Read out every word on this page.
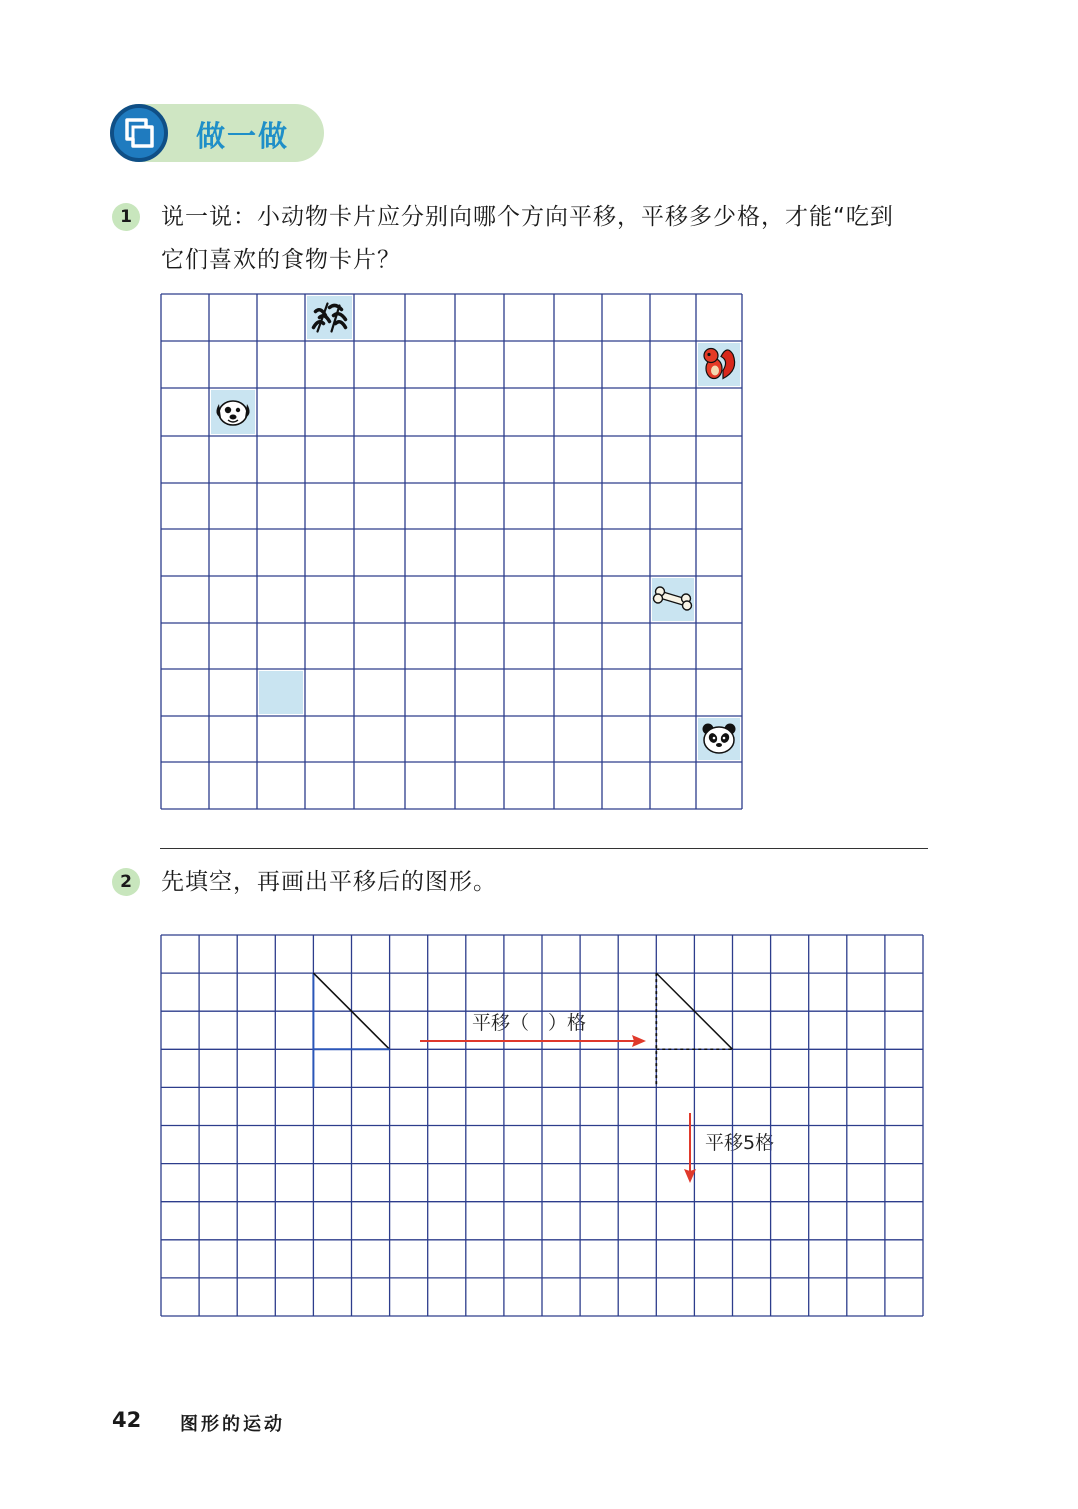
做一做
1	说一说：小动物卡片应分别向哪个方向平移，平移多少格，才能“吃到
它们喜欢的食物卡片？
2	先填空，再画出平移后的图形。
平移（　）格
平移5格
42 图形的运动
